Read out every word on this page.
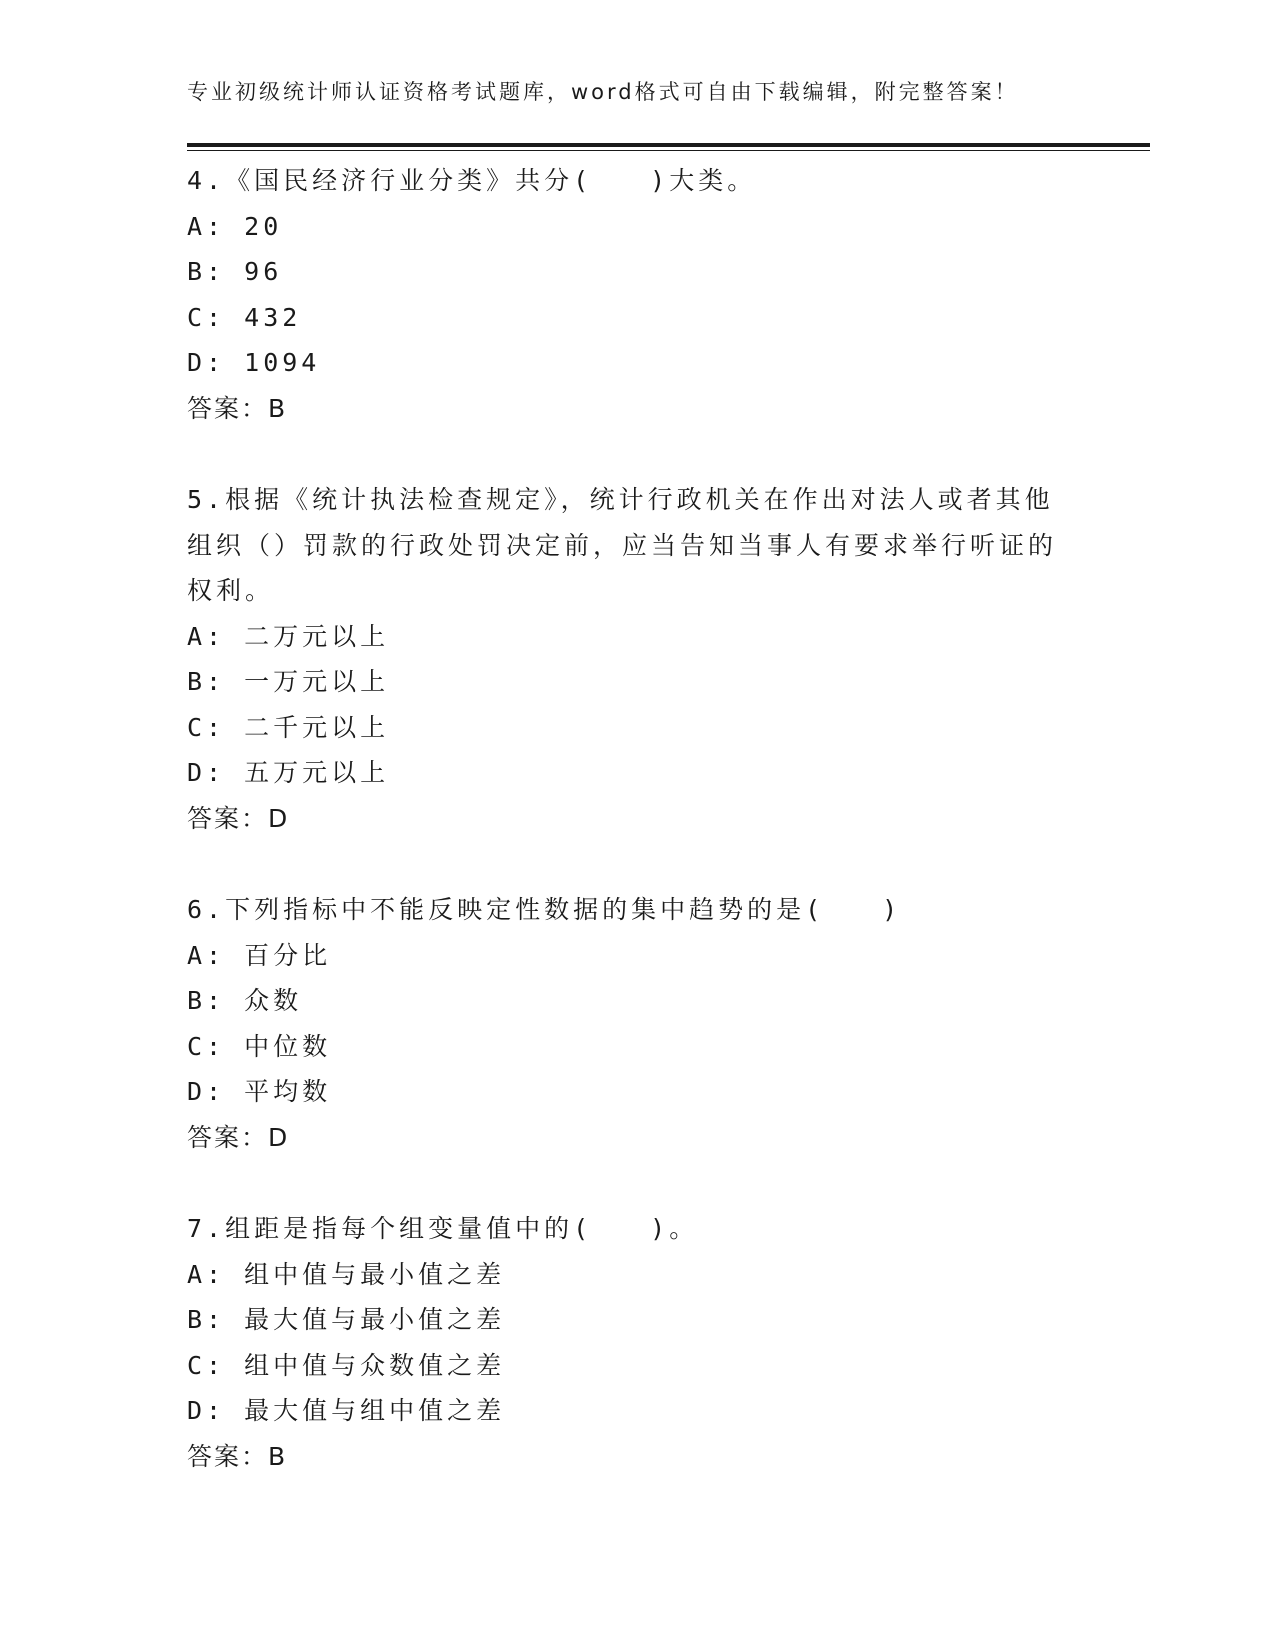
专业初级统计师认证资格考试题库，word格式可自由下载编辑，附完整答案！
4.《国民经济行业分类》共分(　　)大类。
A: 20
B: 96
C: 432
D: 1094
答案：B
5.根据《统计执法检查规定》，统计行政机关在作出对法人或者其他组织（）罚款的行政处罚决定前，应当告知当事人有要求举行听证的权利。
A: 二万元以上
B: 一万元以上
C: 二千元以上
D: 五万元以上
答案：D
6.下列指标中不能反映定性数据的集中趋势的是(　　)
A: 百分比
B: 众数
C: 中位数
D: 平均数
答案：D
7.组距是指每个组变量值中的(　　)。
A: 组中值与最小值之差
B: 最大值与最小值之差
C: 组中值与众数值之差
D: 最大值与组中值之差
答案：B
